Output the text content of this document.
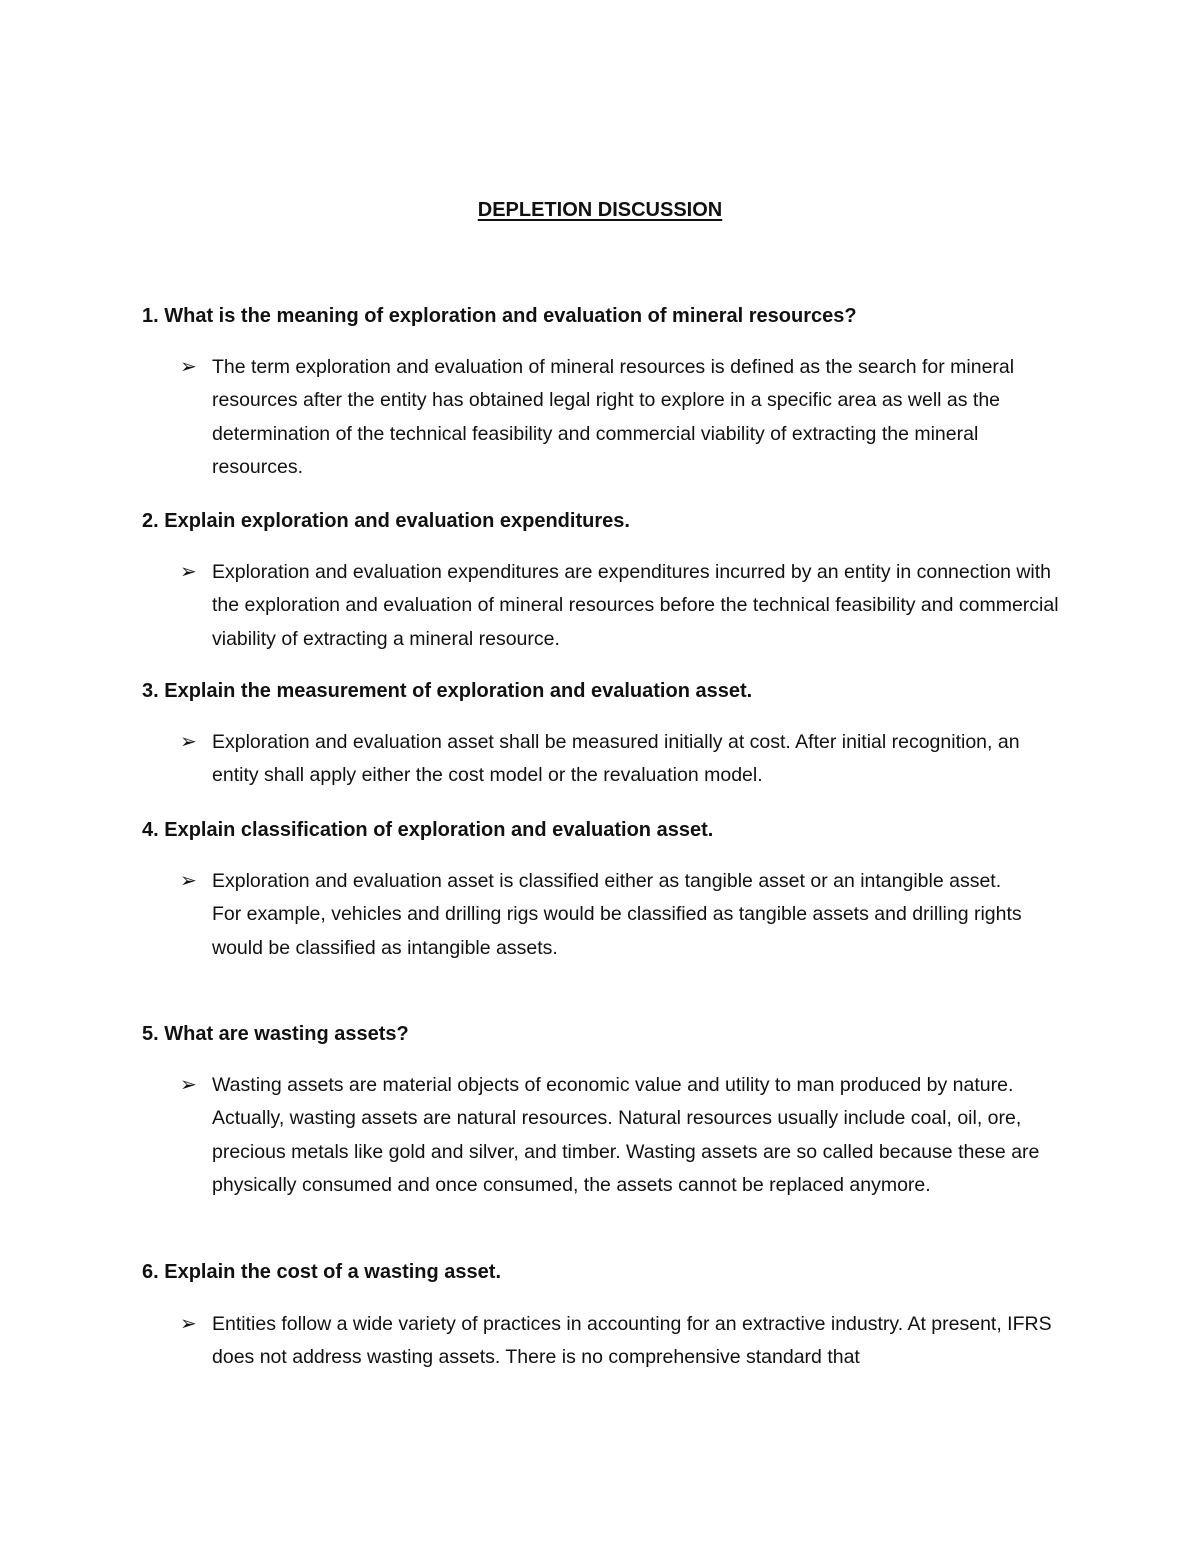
DEPLETION DISCUSSION
1. What is the meaning of exploration and evaluation of mineral resources?
➢ The term exploration and evaluation of mineral resources is defined as the search for mineral resources after the entity has obtained legal right to explore in a specific area as well as the determination of the technical feasibility and commercial viability of extracting the mineral resources.

2. Explain exploration and evaluation expenditures.
➢ Exploration and evaluation expenditures are expenditures incurred by an entity in connection with the exploration and evaluation of mineral resources before the technical feasibility and commercial viability of extracting a mineral resource.

3. Explain the measurement of exploration and evaluation asset.
➢ Exploration and evaluation asset shall be measured initially at cost. After initial recognition, an entity shall apply either the cost model or the revaluation model.

4. Explain classification of exploration and evaluation asset.
➢ Exploration and evaluation asset is classified either as tangible asset or an intangible asset.

For example, vehicles and drilling rigs would be classified as tangible assets and drilling rights would be classified as intangible assets.

5. What are wasting assets?
➢ Wasting assets are material objects of economic value and utility to man produced by nature. Actually, wasting assets are natural resources. Natural resources usually include coal, oil, ore, precious metals like gold and silver, and timber. Wasting assets are so called because these are physically consumed and once consumed, the assets cannot be replaced anymore.

6. Explain the cost of a wasting asset.
➢ Entities follow a wide variety of practices in accounting for an extractive industry. At present, IFRS does not address wasting assets. There is no comprehensive standard that
